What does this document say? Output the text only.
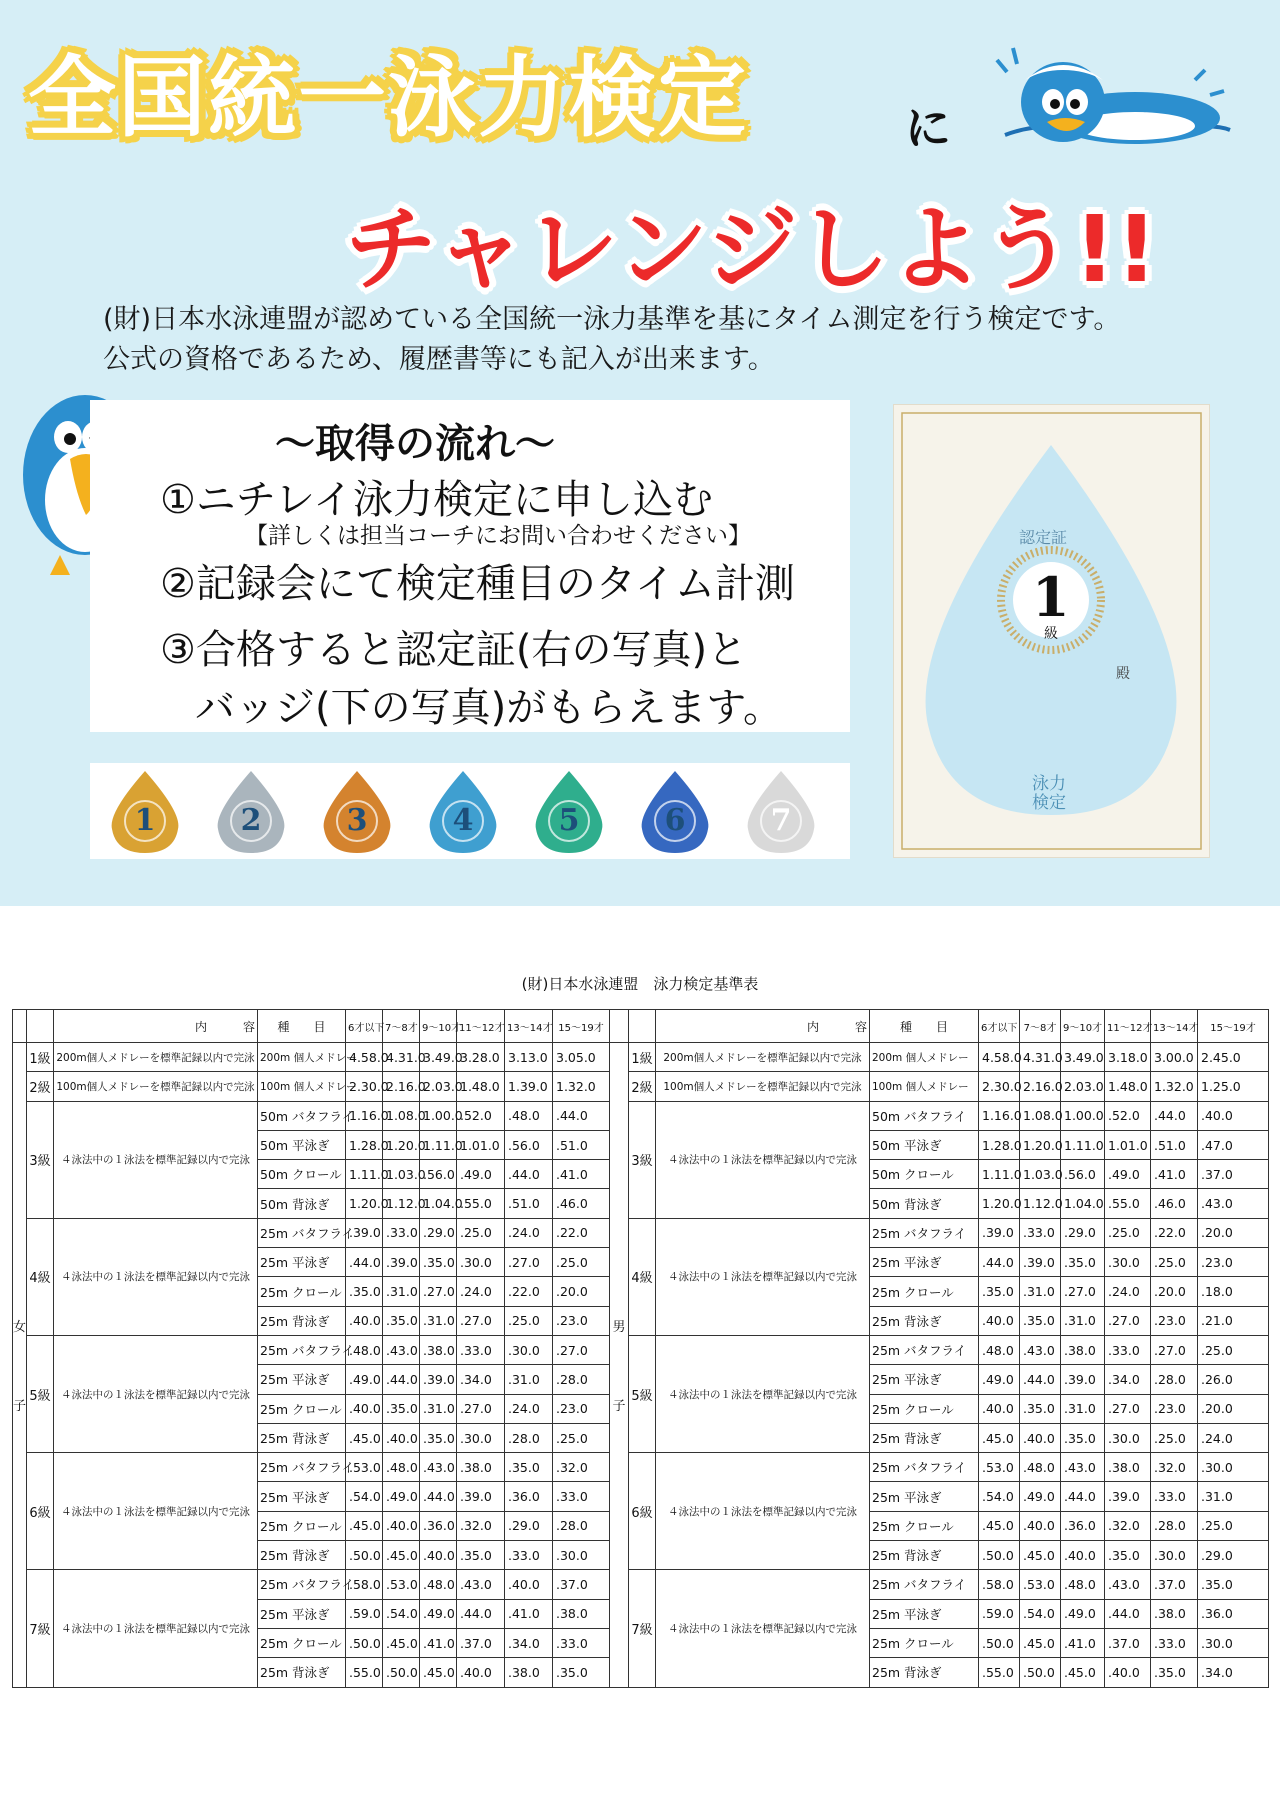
全国統一泳力検定	に
チャレンジしよう!!

(財)日本水泳連盟が認めている全国統一泳力基準を基にタイム測定を行う検定です。

公式の資格であるため、履歴書等にも記入が出来ます。

〜取得の流れ〜
①ニチレイ泳力検定に申し込む
【詳しくは担当コーチにお問い合わせください】
②記録会にて検定種目のタイム計測
③合格すると認定証(右の写真)と
バッジ(下の写真)がもらえます。
1	2	3	4	5	6	7
認定証
1
級
殿
泳力検定
(財)日本水泳連盟　泳力検定基準表
		内　　　容	種　　目	6才以下	7〜8才	9〜10才	11〜12才	13〜14才	15〜19才

女
子	1級	200m個人メドレーを標準記録以内で完泳	200m 個人メドレー	4.58.0	4.31.0	3.49.0	3.28.0	3.13.0	3.05.0
	2級	100m個人メドレーを標準記録以内で完泳	100m 個人メドレー	2.30.0	2.16.0	2.03.0	1.48.0	1.39.0	1.32.0
	3級	４泳法中の１泳法を標準記録以内で完泳	50m バタフライ	1.16.0	1.08.0	1.00.0	.52.0	.48.0	.44.0
			50m 平泳ぎ	1.28.0	1.20.0	1.11.0	1.01.0	.56.0	.51.0
			50m クロール	1.11.0	1.03.0	.56.0	.49.0	.44.0	.41.0
			50m 背泳ぎ	1.20.0	1.12.0	1.04.0	.55.0	.51.0	.46.0
	4級	４泳法中の１泳法を標準記録以内で完泳	25m バタフライ	.39.0	.33.0	.29.0	.25.0	.24.0	.22.0
			25m 平泳ぎ	.44.0	.39.0	.35.0	.30.0	.27.0	.25.0
			25m クロール	.35.0	.31.0	.27.0	.24.0	.22.0	.20.0
			25m 背泳ぎ	.40.0	.35.0	.31.0	.27.0	.25.0	.23.0
	5級	４泳法中の１泳法を標準記録以内で完泳	25m バタフライ	.48.0	.43.0	.38.0	.33.0	.30.0	.27.0
			25m 平泳ぎ	.49.0	.44.0	.39.0	.34.0	.31.0	.28.0
			25m クロール	.40.0	.35.0	.31.0	.27.0	.24.0	.23.0
			25m 背泳ぎ	.45.0	.40.0	.35.0	.30.0	.28.0	.25.0
	6級	４泳法中の１泳法を標準記録以内で完泳	25m バタフライ	.53.0	.48.0	.43.0	.38.0	.35.0	.32.0
			25m 平泳ぎ	.54.0	.49.0	.44.0	.39.0	.36.0	.33.0
			25m クロール	.45.0	.40.0	.36.0	.32.0	.29.0	.28.0
			25m 背泳ぎ	.50.0	.45.0	.40.0	.35.0	.33.0	.30.0
	7級	４泳法中の１泳法を標準記録以内で完泳	25m バタフライ	.58.0	.53.0	.48.0	.43.0	.40.0	.37.0
			25m 平泳ぎ	.59.0	.54.0	.49.0	.44.0	.41.0	.38.0
			25m クロール	.50.0	.45.0	.41.0	.37.0	.34.0	.33.0
			25m 背泳ぎ	.55.0	.50.0	.45.0	.40.0	.38.0	.35.0
		内　　　容	種　　目	6才以下	7〜8才	9〜10才	11〜12才	13〜14才	15〜19才

男
子	1級	200m個人メドレーを標準記録以内で完泳	200m 個人メドレー	4.58.0	4.31.0	3.49.0	3.18.0	3.00.0	2.45.0
	2級	100m個人メドレーを標準記録以内で完泳	100m 個人メドレー	2.30.0	2.16.0	2.03.0	1.48.0	1.32.0	1.25.0
	3級	４泳法中の１泳法を標準記録以内で完泳	50m バタフライ	1.16.0	1.08.0	1.00.0	.52.0	.44.0	.40.0
			50m 平泳ぎ	1.28.0	1.20.0	1.11.0	1.01.0	.51.0	.47.0
			50m クロール	1.11.0	1.03.0	.56.0	.49.0	.41.0	.37.0
			50m 背泳ぎ	1.20.0	1.12.0	1.04.0	.55.0	.46.0	.43.0
	4級	４泳法中の１泳法を標準記録以内で完泳	25m バタフライ	.39.0	.33.0	.29.0	.25.0	.22.0	.20.0
			25m 平泳ぎ	.44.0	.39.0	.35.0	.30.0	.25.0	.23.0
			25m クロール	.35.0	.31.0	.27.0	.24.0	.20.0	.18.0
			25m 背泳ぎ	.40.0	.35.0	.31.0	.27.0	.23.0	.21.0
	5級	４泳法中の１泳法を標準記録以内で完泳	25m バタフライ	.48.0	.43.0	.38.0	.33.0	.27.0	.25.0
			25m 平泳ぎ	.49.0	.44.0	.39.0	.34.0	.28.0	.26.0
			25m クロール	.40.0	.35.0	.31.0	.27.0	.23.0	.20.0
			25m 背泳ぎ	.45.0	.40.0	.35.0	.30.0	.25.0	.24.0
	6級	４泳法中の１泳法を標準記録以内で完泳	25m バタフライ	.53.0	.48.0	.43.0	.38.0	.32.0	.30.0
			25m 平泳ぎ	.54.0	.49.0	.44.0	.39.0	.33.0	.31.0
			25m クロール	.45.0	.40.0	.36.0	.32.0	.28.0	.25.0
			25m 背泳ぎ	.50.0	.45.0	.40.0	.35.0	.30.0	.29.0
	7級	４泳法中の１泳法を標準記録以内で完泳	25m バタフライ	.58.0	.53.0	.48.0	.43.0	.37.0	.35.0
			25m 平泳ぎ	.59.0	.54.0	.49.0	.44.0	.38.0	.36.0
			25m クロール	.50.0	.45.0	.41.0	.37.0	.33.0	.30.0
			25m 背泳ぎ	.55.0	.50.0	.45.0	.40.0	.35.0	.34.0
